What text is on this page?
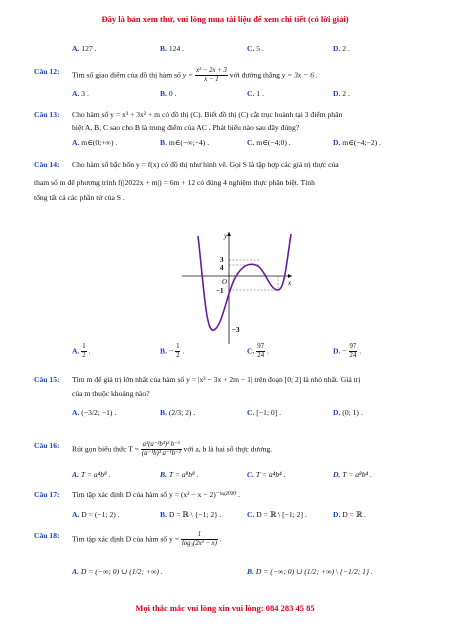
Đây là bản xem thử, vui lòng mua tài liệu để xem chi tiết (có lời giải)
A. 127 .	B. 124 .	C. 5 .	D. 2 .
Câu 12: Tìm số giao điểm của đồ thị hàm số $y = \frac{\text{x² − 2x + 3}}{x - 1}$ với đường thẳng y = 3x − 6 .
A. 3 .	B. 0 .	C. 1 .	D. 2 .
Câu 13: Cho hàm số y = x³ + 3x² + m có đồ thị (C). Biết đồ thị (C) cắt trục hoành tại 3 điểm phân
biệt A, B, C sao cho B là trung điểm của AC . Phát biểu nào sau đây đúng?
A. m∈(0;+∞) .	B. m∈(−∞;−4) .	C. m∈(−4;0) .	D. m∈(−4;−2) .
Câu 14: Cho hàm số bậc bốn y = f(x) có đồ thị như hình vẽ. Gọi S là tập hợp các giá trị thực của
tham số m để phương trình f(|2022x + m|) = 6m + 12 có đúng 4 nghiệm thực phân biệt. Tính
tổng tất cả các phần tử của S .
y
x
O
3
4
−1
−3
A. $\frac{1}{2}$ .	B. − $\frac{1}{2}$ .	C. $\frac{97}{24}$ .	D. − $\frac{97}{24}$ .
Câu 15: Tìm m để giá trị lớn nhất của hàm số y = |x³ − 3x + 2m − 1| trên đoạn [0; 2] là nhỏ nhất. Giá trị
của m thuộc khoảng nào?
A. (−3/2; −1) .	B. (2/3; 2) .	C. [−1; 0] .	D. (0; 1) .
Câu 16: Rút gọn biểu thức $T = \frac{\text{a³(a⁻²b³)² b⁻¹}}{\text{(a⁻¹b)³ a⁻¹b⁻²}}$ với a, b là hai số thực dương.
A. T = a⁴b⁸ .	B. T = a⁸b⁸ .	C. T = a⁴b⁴ .	D. T = a⁸b⁴ .
Câu 17: Tìm tập xác định D của hàm số y = (x² − x − 2)⁻ˡᵒᵍ²⁰²⁰ .
A. D = (−1; 2) .	B. D = ℝ \ {−1; 2} .	C. D = ℝ \ [−1; 2] .	D. D = ℝ .
Câu 18: Tìm tập xác định D của hàm số $y = \frac{1}{\text{log₃(2x² − x)}}$ .
A. D = (−∞; 0) ∪ (1/2; +∞) .	B. D = (−∞; 0) ∪ (1/2; +∞) \ {−1/2; 1} .
Mọi thắc mắc vui lòng xin vui lòng: 084 283 45 85
